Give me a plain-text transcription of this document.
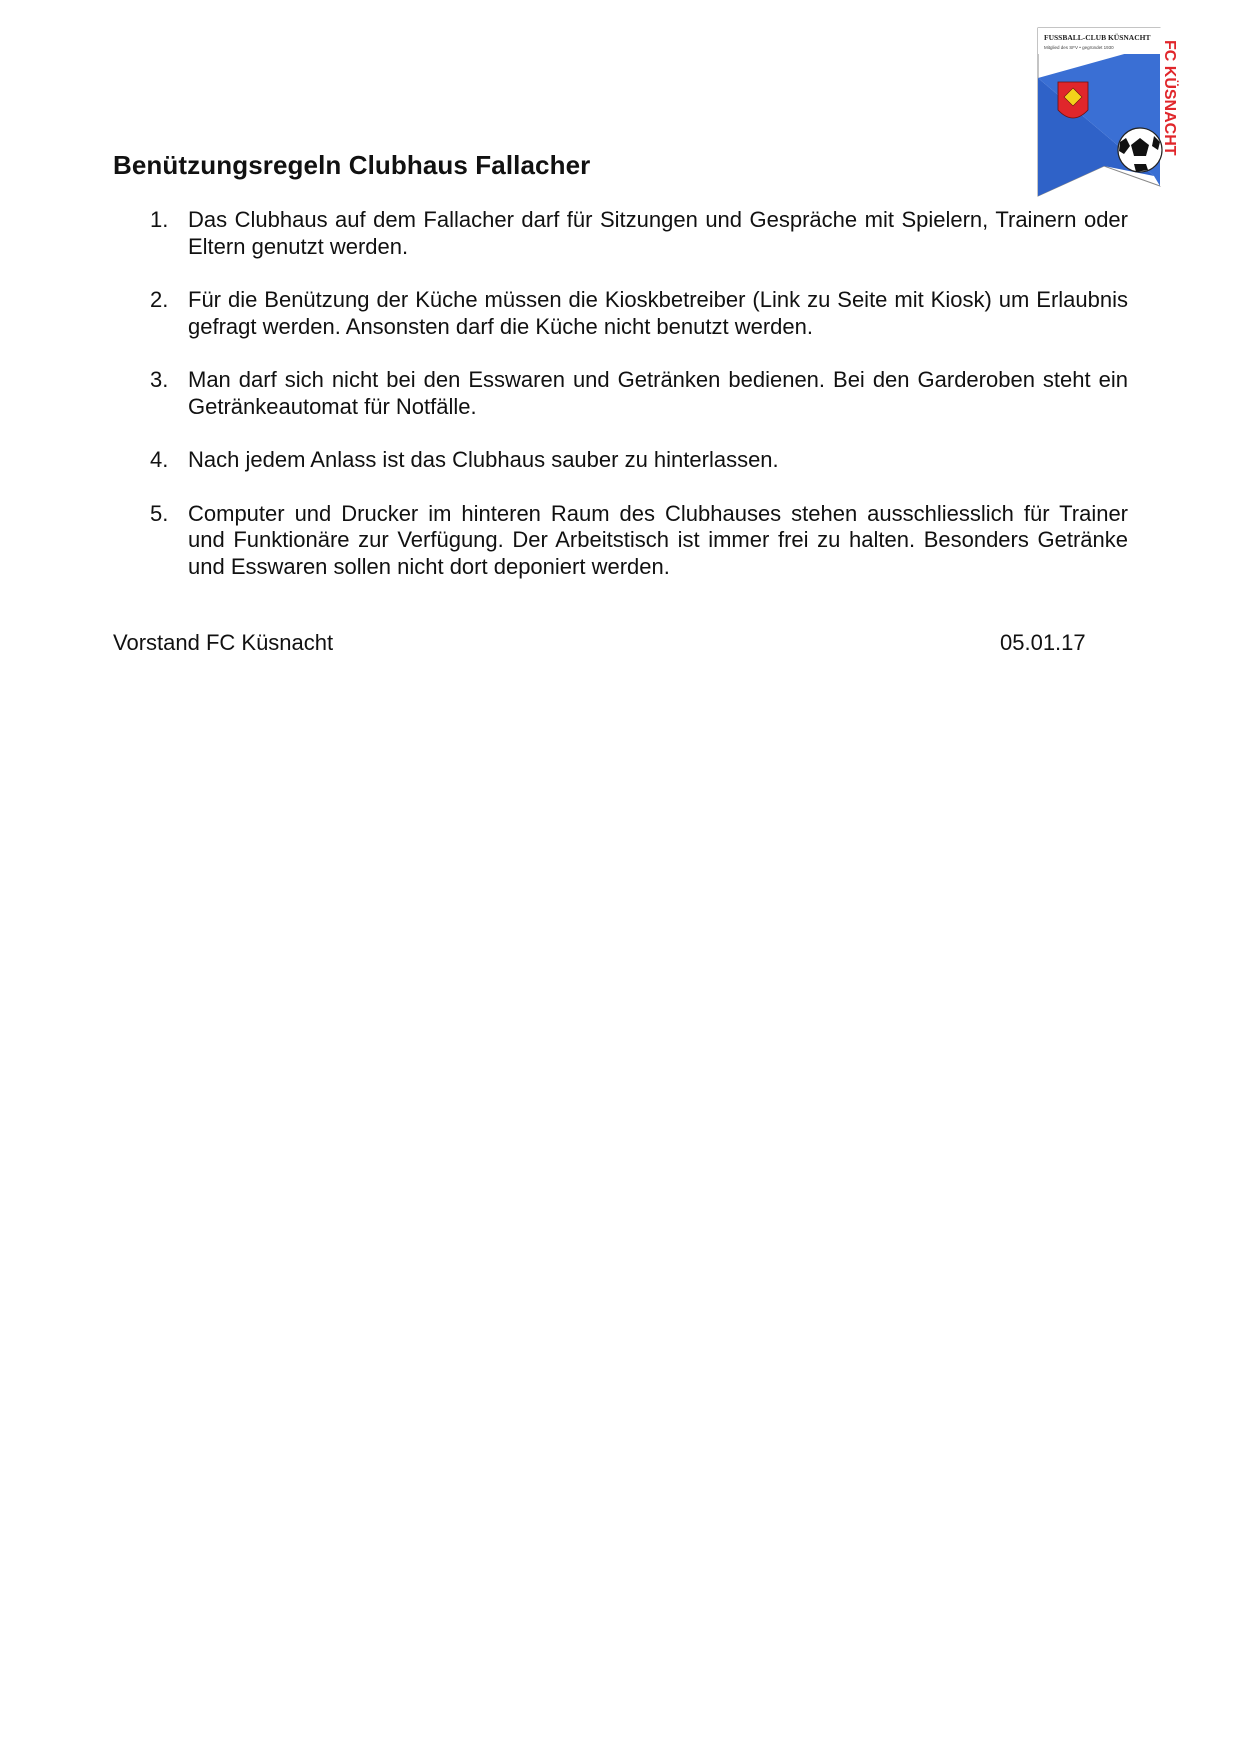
FUSSBALL-CLUB KÜSNACHT
Mitglied des SFV • gegründet 1930	FC KÜSNACHT
Benützungsregeln Clubhaus Fallacher
1. Das Clubhaus auf dem Fallacher darf für Sitzungen und Gespräche mit Spielern, Trainern oder Eltern genutzt werden.
2. Für die Benützung der Küche müssen die Kioskbetreiber (Link zu Seite mit Kiosk) um Erlaubnis gefragt werden. Ansonsten darf die Küche nicht benutzt werden.
3. Man darf sich nicht bei den Esswaren und Getränken bedienen. Bei den Garderoben steht ein Getränkeautomat für Notfälle.
4. Nach jedem Anlass ist das Clubhaus sauber zu hinterlassen.
5. Computer und Drucker im hinteren Raum des Clubhauses stehen ausschliesslich für Trainer und Funktionäre zur Verfügung. Der Arbeitstisch ist immer frei zu halten. Besonders Getränke und Esswaren sollen nicht dort deponiert werden.
Vorstand FC Küsnacht	05.01.17
